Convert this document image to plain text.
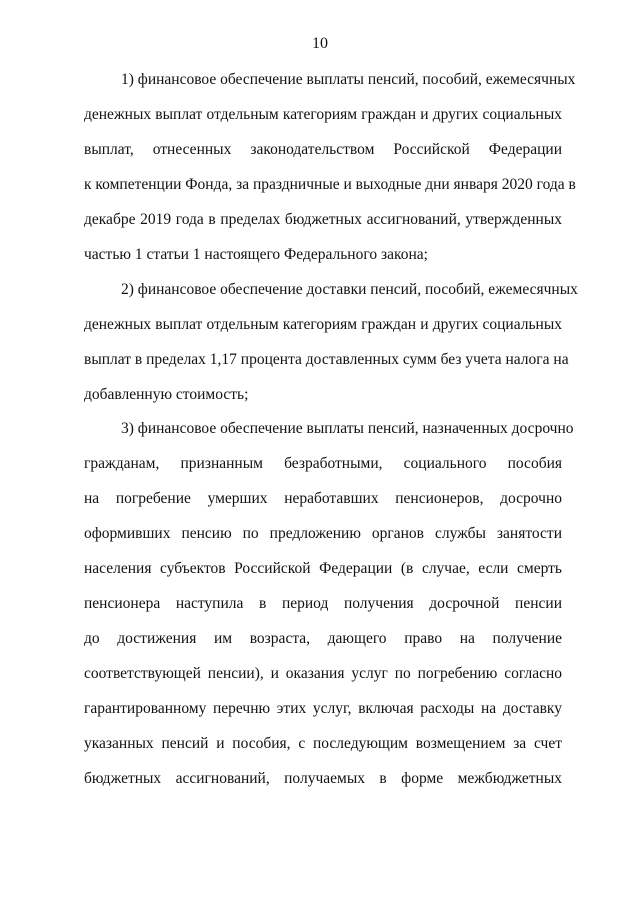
10
1) финансовое обеспечение выплаты пенсий, пособий, ежемесячных
денежных выплат отдельным категориям граждан и других социальных
выплат, отнесенных законодательством Российской Федерации
к компетенции Фонда, за праздничные и выходные дни января 2020 года в
декабре 2019 года в пределах бюджетных ассигнований, утвержденных
частью 1 статьи 1 настоящего Федерального закона;
2) финансовое обеспечение доставки пенсий, пособий, ежемесячных
денежных выплат отдельным категориям граждан и других социальных
выплат в пределах 1,17 процента доставленных сумм без учета налога на
добавленную стоимость;
3) финансовое обеспечение выплаты пенсий, назначенных досрочно
гражданам, признанным безработными, социального пособия
на погребение умерших неработавших пенсионеров, досрочно
оформивших пенсию по предложению органов службы занятости
населения субъектов Российской Федерации (в случае, если смерть
пенсионера наступила в период получения досрочной пенсии
до достижения им возраста, дающего право на получение
соответствующей пенсии), и оказания услуг по погребению согласно
гарантированному перечню этих услуг, включая расходы на доставку
указанных пенсий и пособия, с последующим возмещением за счет
бюджетных ассигнований, получаемых в форме межбюджетных
